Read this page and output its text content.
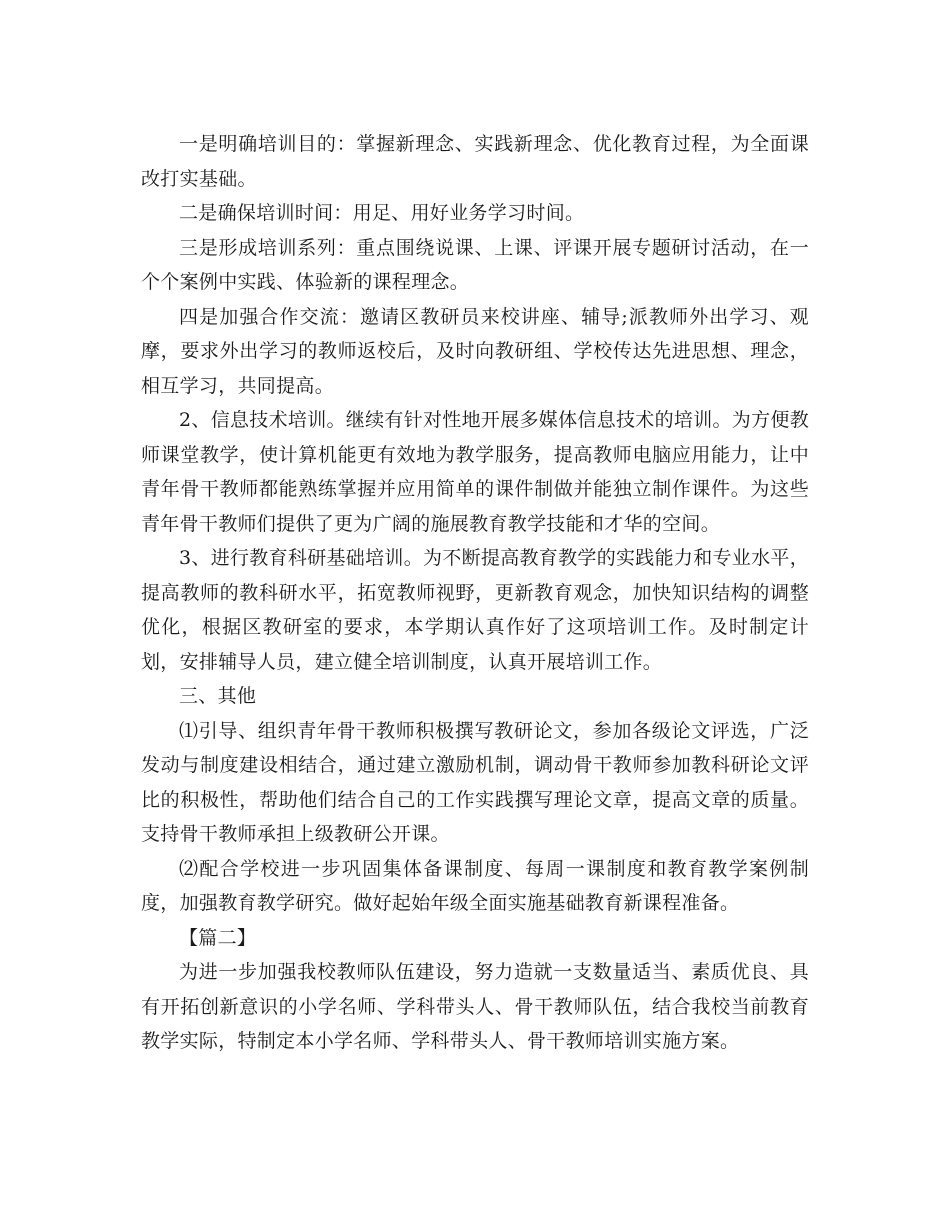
一是明确培训目的：掌握新理念、实践新理念、优化教育过程，为全面课改打实基础。

二是确保培训时间：用足、用好业务学习时间。

三是形成培训系列：重点围绕说课、上课、评课开展专题研讨活动，在一个个案例中实践、体验新的课程理念。

四是加强合作交流：邀请区教研员来校讲座、辅导;派教师外出学习、观摩，要求外出学习的教师返校后，及时向教研组、学校传达先进思想、理念，相互学习，共同提高。

2、信息技术培训。继续有针对性地开展多媒体信息技术的培训。为方便教师课堂教学，使计算机能更有效地为教学服务，提高教师电脑应用能力，让中青年骨干教师都能熟练掌握并应用简单的课件制做并能独立制作课件。为这些青年骨干教师们提供了更为广阔的施展教育教学技能和才华的空间。

3、进行教育科研基础培训。为不断提高教育教学的实践能力和专业水平，提高教师的教科研水平，拓宽教师视野，更新教育观念，加快知识结构的调整优化，根据区教研室的要求，本学期认真作好了这项培训工作。及时制定计划，安排辅导人员，建立健全培训制度，认真开展培训工作。

三、其他

⑴引导、组织青年骨干教师积极撰写教研论文，参加各级论文评选，广泛发动与制度建设相结合，通过建立激励机制，调动骨干教师参加教科研论文评比的积极性，帮助他们结合自己的工作实践撰写理论文章，提高文章的质量。支持骨干教师承担上级教研公开课。

⑵配合学校进一步巩固集体备课制度、每周一课制度和教育教学案例制度，加强教育教学研究。做好起始年级全面实施基础教育新课程准备。

【篇二】

为进一步加强我校教师队伍建设，努力造就一支数量适当、素质优良、具有开拓创新意识的小学名师、学科带头人、骨干教师队伍，结合我校当前教育教学实际，特制定本小学名师、学科带头人、骨干教师培训实施方案。
